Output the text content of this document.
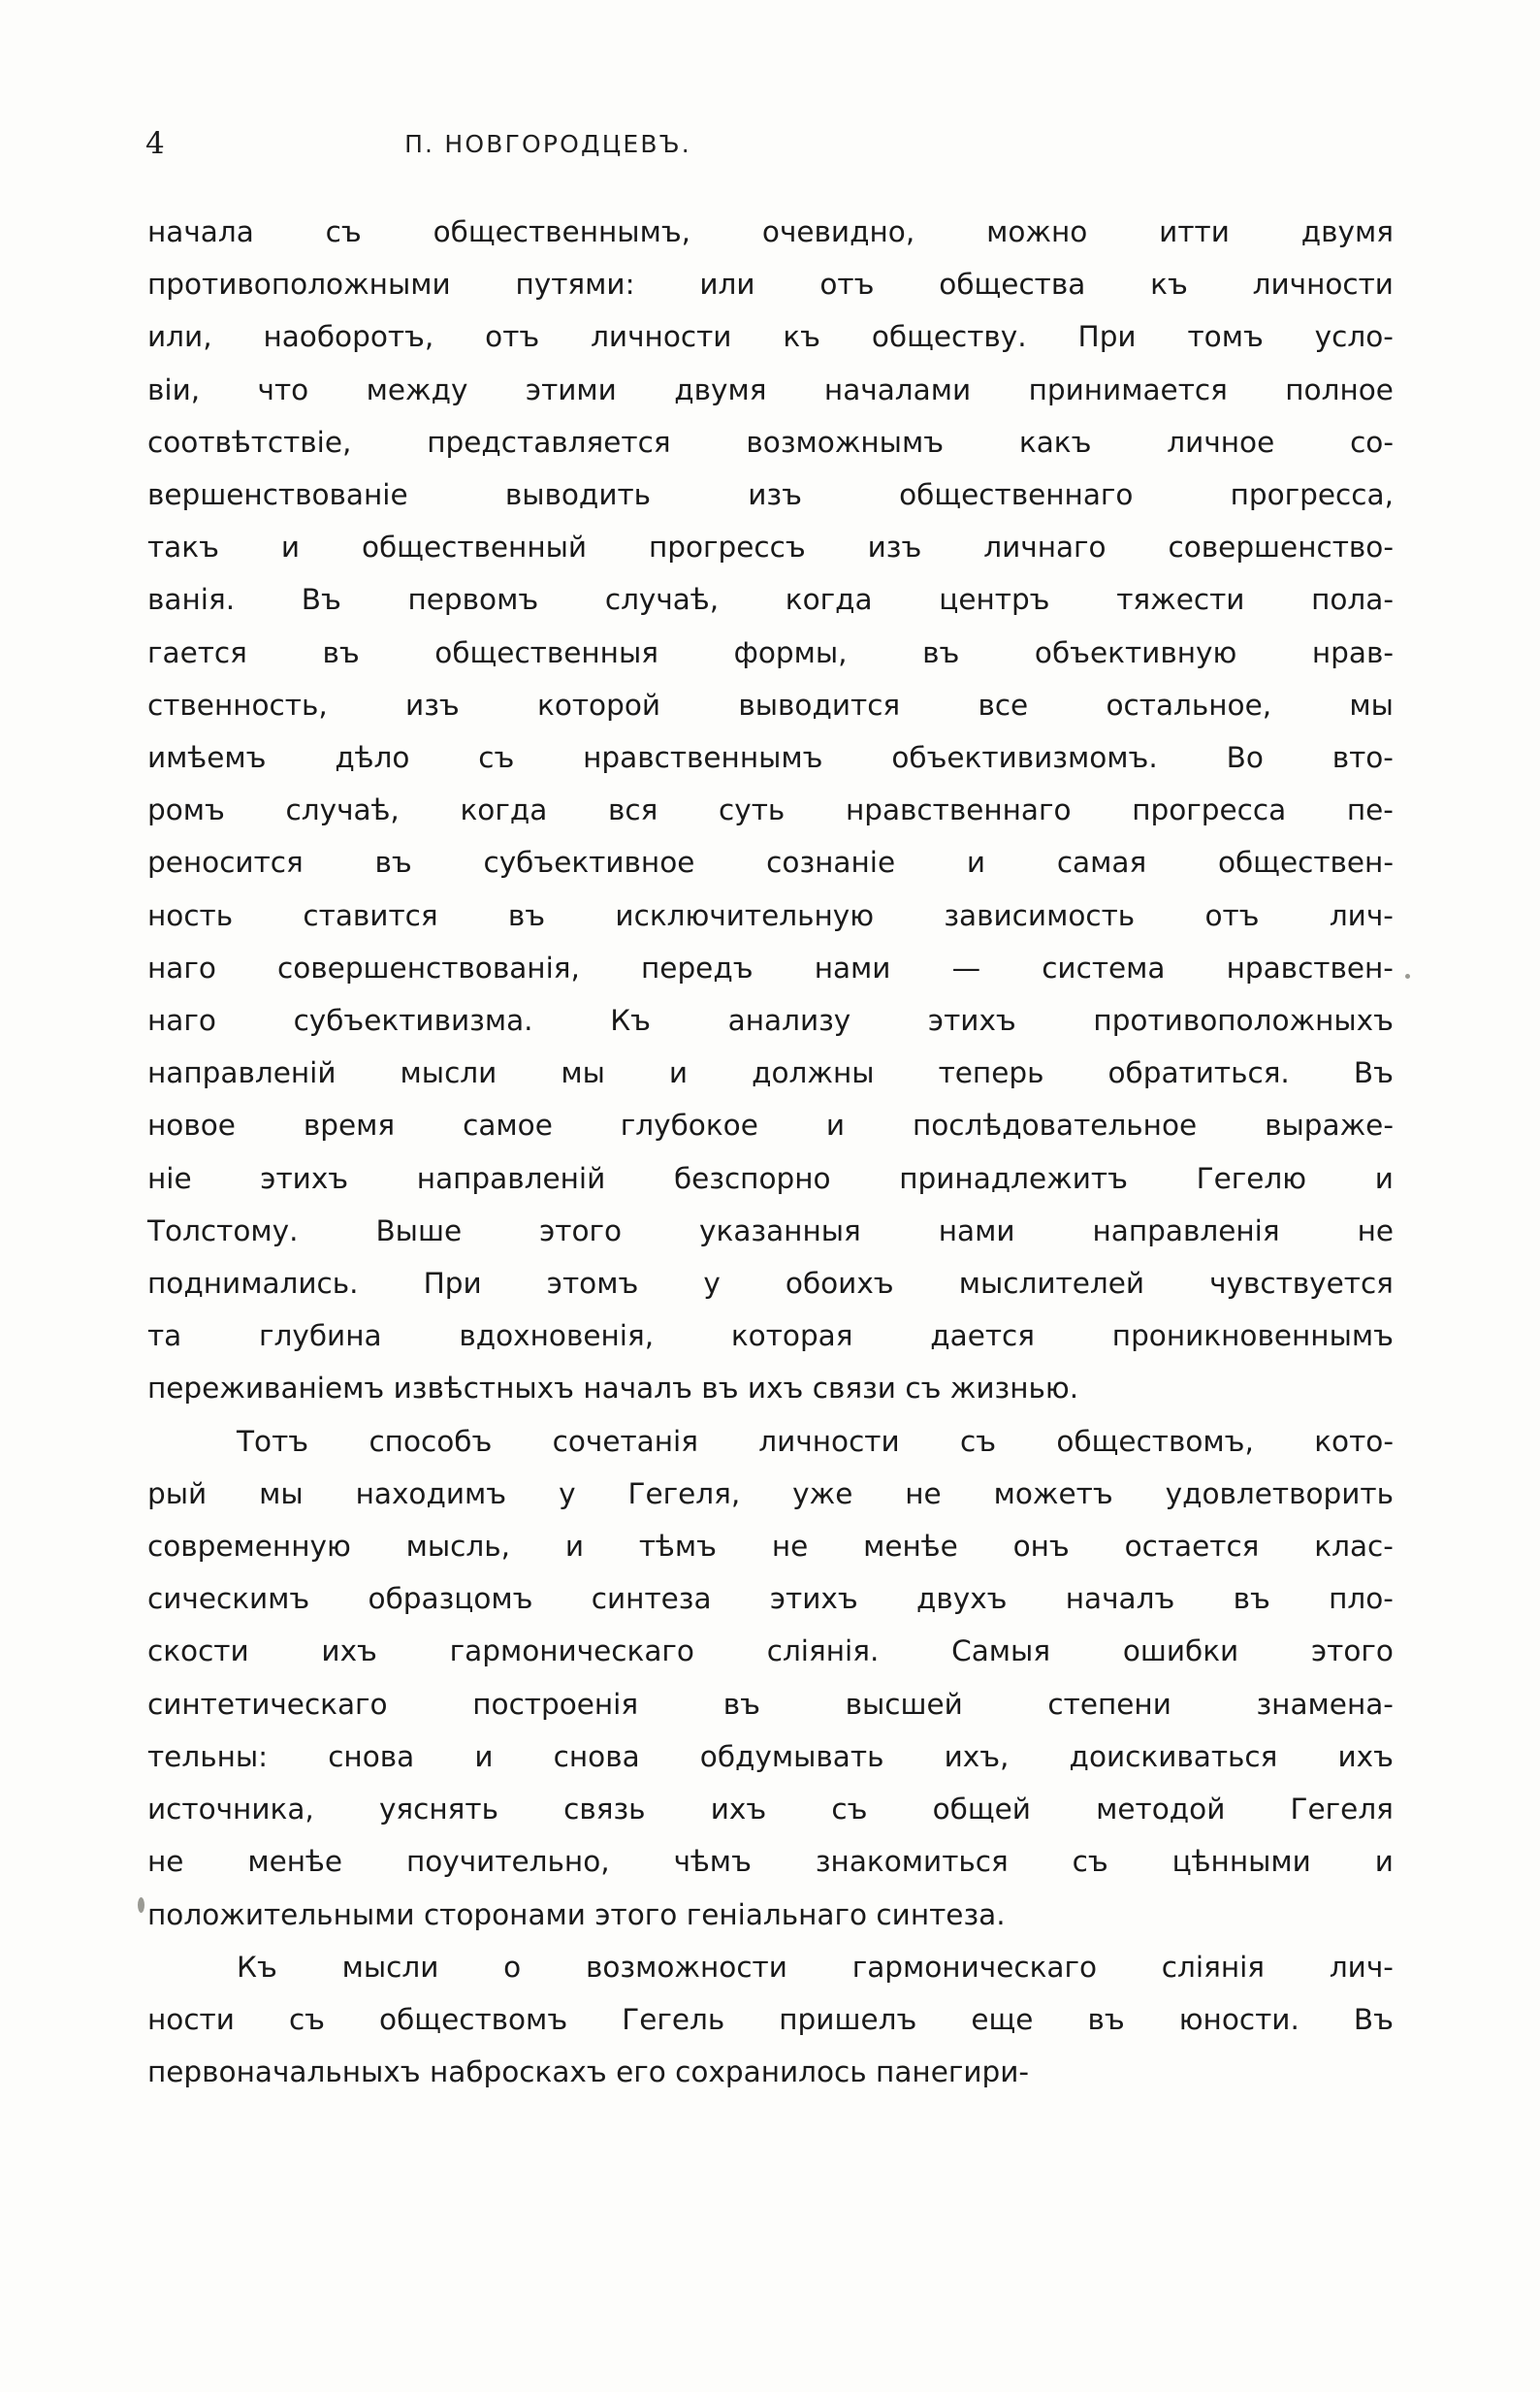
4	П. НОВГОРОДЦЕВЪ.
начала	съ	общественнымъ,	очевидно,	можно	итти	двумя
противоположными путями: или отъ общества къ личности
или, наоборотъ, отъ личности къ обществу. При томъ усло-
віи, что между этими двумя началами принимается полное
соотвѣтствіе,	представляется	возможнымъ	какъ	личное	со-
вершенствованіе	выводить	изъ	общественнаго	прогресса,
такъ и общественный прогрессъ изъ личнаго совершенство-
ванія. Въ первомъ случаѣ, когда центръ тяжести пола-
гается	въ	общественныя	формы,	въ	объективную	нрав-
ственность,	изъ	которой	выводится	все	остальное,	мы
имѣемъ дѣло съ нравственнымъ объективизмомъ. Во вто-
ромъ случаѣ, когда вся суть нравственнаго прогресса пе-
реносится	въ	субъективное	сознаніе	и	самая	обществен-
ность ставится въ исключительную зависимость отъ лич-
наго совершенствованія, передъ нами — система нравствен-
наго	субъективизма.	Къ	анализу	этихъ	противоположныхъ
направленій мысли мы и должны теперь обратиться. Въ
новое время самое глубокое и послѣдовательное выраже-
ніе этихъ направленій безспорно принадлежитъ Гегелю и
Толстому.	Выше	этого	указанныя	нами	направленія	не
поднимались. При этомъ у обоихъ мыслителей чувствуется
та	глубина	вдохновенія,	которая	дается	проникновеннымъ
переживаніемъ извѣстныхъ началъ въ ихъ связи съ жизнью.
Тотъ	способъ	сочетанія	личности	съ	обществомъ,	кото-
рый мы находимъ у Гегеля, уже не можетъ удовлетворить
современную мысль, и тѣмъ не менѣе онъ остается клас-
сическимъ образцомъ синтеза этихъ двухъ началъ въ пло-
скости	ихъ	гармоническаго	сліянія.	Самыя	ошибки	этого
синтетическаго	построенія	въ	высшей	степени	знамена-
тельны: снова и снова обдумывать ихъ, доискиваться ихъ
источника, уяснять связь ихъ съ общей методой Гегеля
не менѣе поучительно, чѣмъ знакомиться съ цѣнными и
положительными сторонами этого геніальнаго синтеза.
Къ	мысли	о	возможности	гармоническаго	сліянія	лич-
ности съ обществомъ Гегель пришелъ еще въ юности. Въ
первоначальныхъ наброскахъ его сохранилось панегири-
